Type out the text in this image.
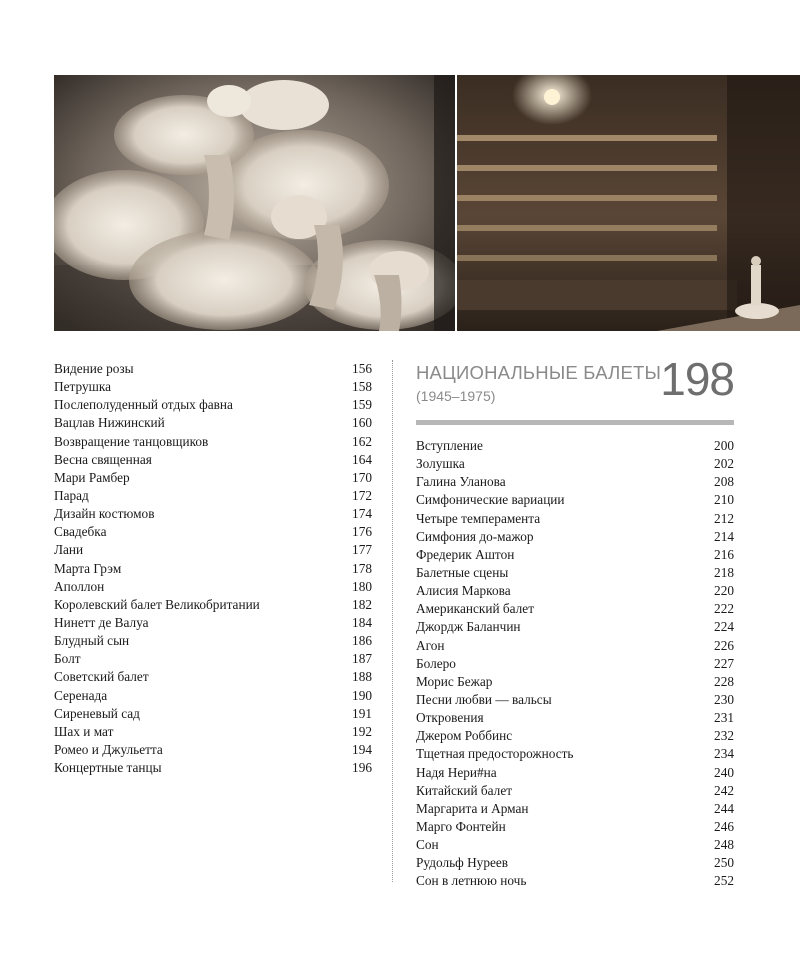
Видение розы	156
Петрушка	158
Послеполуденный отдых фавна	159
Вацлав Нижинский	160
Возвращение танцовщиков	162
Весна священная	164
Мари Рамбер	170
Парад	172
Дизайн костюмов	174
Свадебка	176
Лани	177
Марта Грэм	178
Аполлон	180
Королевский балет Великобритании	182
Нинетт де Валуа	184
Блудный сын	186
Болт	187
Советский балет	188
Серенада	190
Сиреневый сад	191
Шах и мат	192
Ромео и Джульетта	194
Концертные танцы	196
НАЦИОНАЛЬНЫЕ БАЛЕТЫ
(1945–1975)	198
Вступление	200
Золушка	202
Галина Уланова	208
Симфонические вариации	210
Четыре темперамента	212
Симфония до-мажор	214
Фредерик Аштон	216
Балетные сцены	218
Алисия Маркова	220
Американский балет	222
Джордж Баланчин	224
Агон	226
Болеро	227
Морис Бежар	228
Песни любви — вальсы	230
Откровения	231
Джером Роббинс	232
Тщетная предосторожность	234
Надя Нери#на	240
Китайский балет	242
Маргарита и Арман	244
Марго Фонтейн	246
Сон	248
Рудольф Нуреев	250
Сон в летнюю ночь	252
